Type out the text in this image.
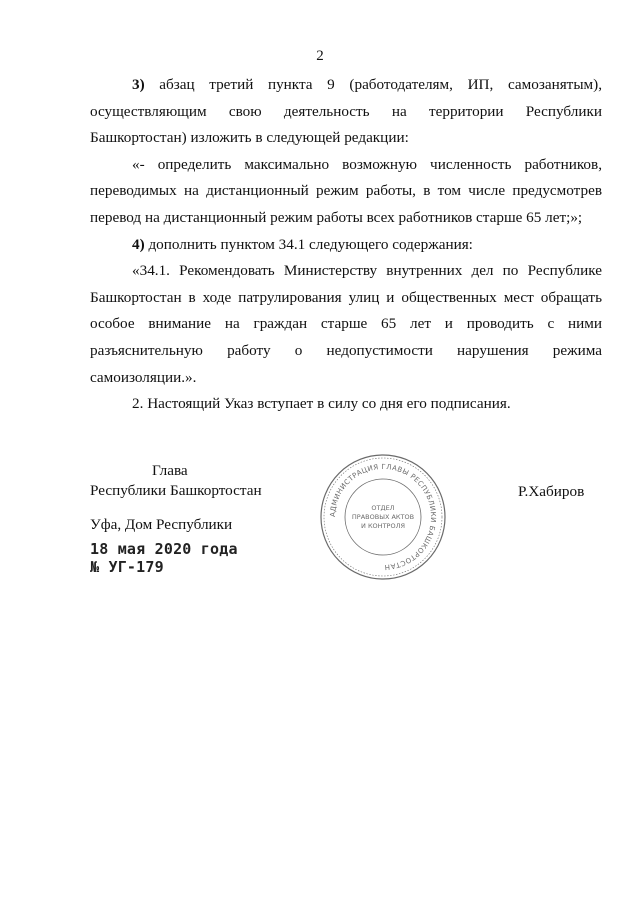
2

3) абзац третий пункта 9 (работодателям, ИП, самозанятым),

осуществляющим свою деятельность на территории Республики

Башкортостан) изложить в следующей редакции:

«- определить максимально возможную численность работников,

переводимых на дистанционный режим работы, в том числе предусмотрев

перевод на дистанционный режим работы всех работников старше 65 лет;»;

4) дополнить пунктом 34.1 следующего содержания:

«34.1. Рекомендовать Министерству внутренних дел по Республике

Башкортостан в ходе патрулирования улиц и общественных мест обращать

особое внимание на граждан старше 65 лет и проводить с ними

разъяснительную работу о недопустимости нарушения режима

самоизоляции.».

2. Настоящий Указ вступает в силу со дня его подписания.

Глава
Республики Башкортостан	Р.Хабиров
Уфа, Дом Республики
18 мая 2020 года
№ УГ-179
АДМИНИСТРАЦИЯ ГЛАВЫ РЕСПУБЛИКИ БАШКОРТОСТАН
ОТДЕЛ
ПРАВОВЫХ АКТОВ
И КОНТРОЛЯ
